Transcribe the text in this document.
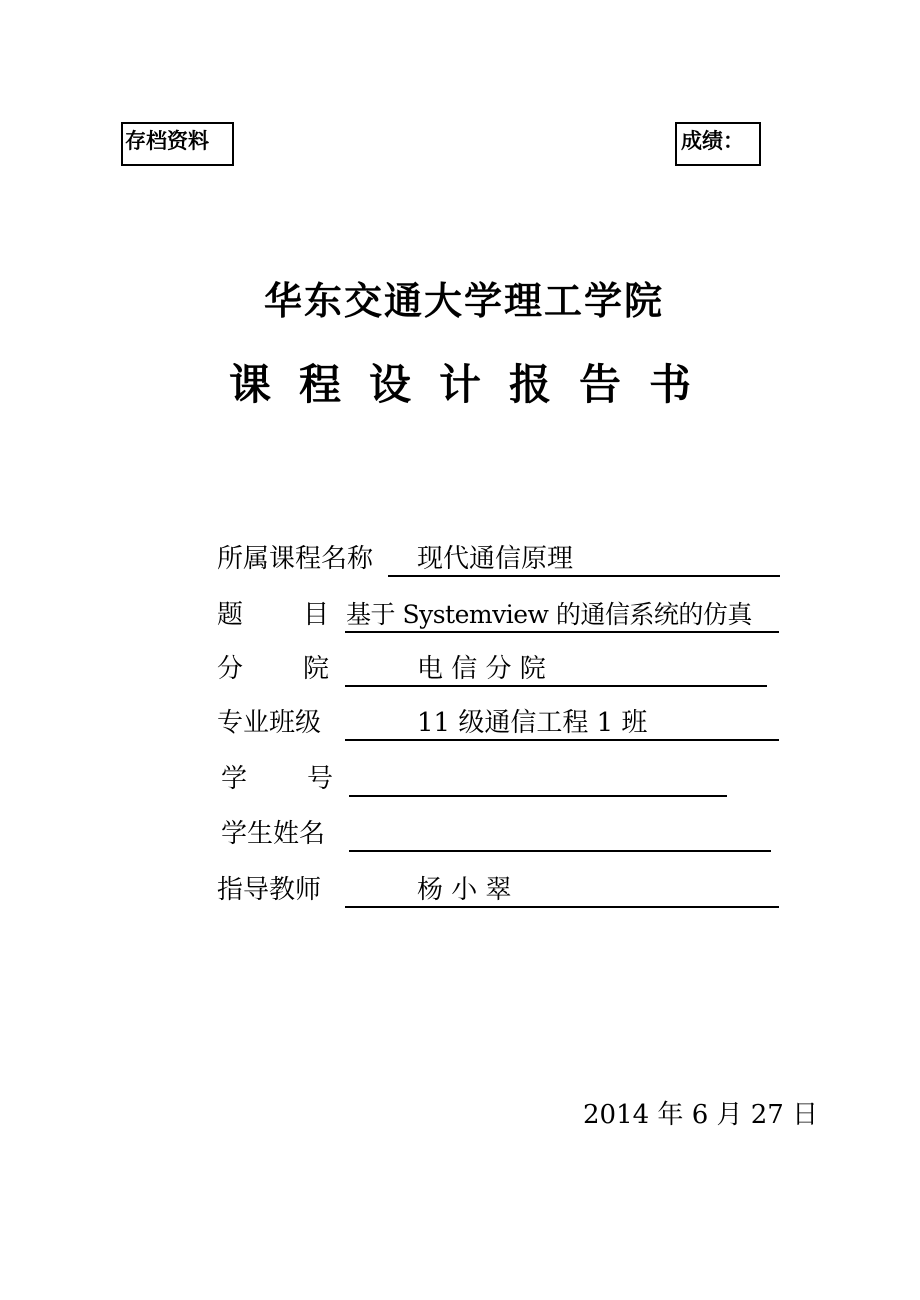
存档资料	成绩：
华东交通大学理工学院
课程设计报告书
所属课程名称 现代通信原理
题 目 基于 Systemview 的通信系统的仿真
分 院	电 信 分 院
专业班级	11 级通信工程 1 班
学 号
学生姓名
指导教师	杨 小 翠
2014 年 6 月 27 日
